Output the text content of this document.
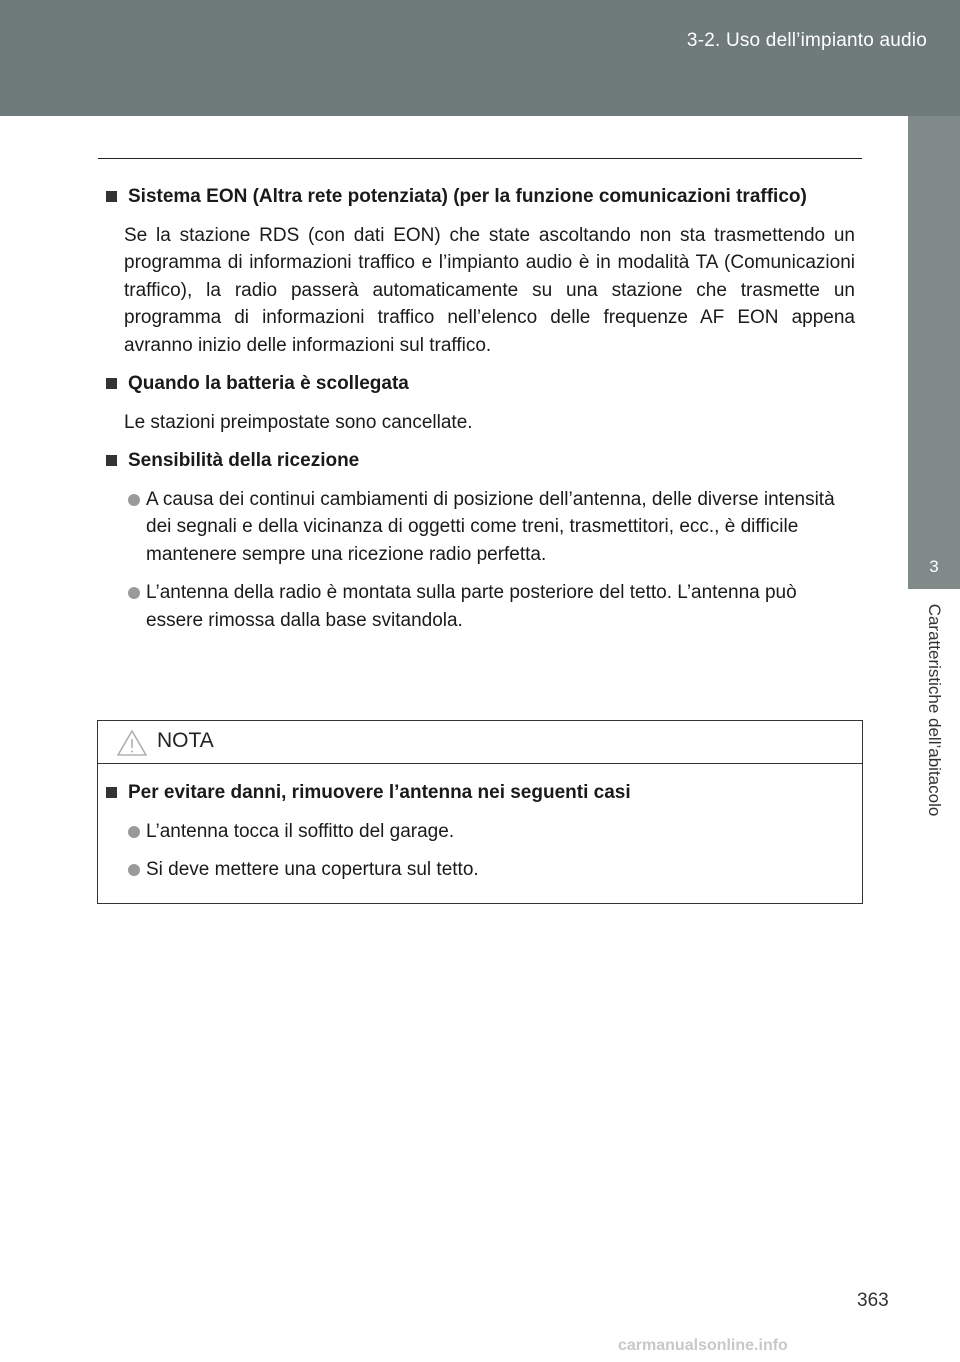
3-2. Uso dell’impianto audio
3
Caratteristiche dell’abitacolo
Sistema EON (Altra rete potenziata) (per la funzione comunicazioni traffico)
Se la stazione RDS (con dati EON) che state ascoltando non sta trasmettendo un programma di informazioni traffico e l’impianto audio è in modalità TA (Comunicazioni traffico), la radio passerà automaticamente su una stazione che trasmette un programma di informazioni traffico nell’elenco delle frequenze AF EON appena avranno inizio delle informazioni sul traffico.
Quando la batteria è scollegata
Le stazioni preimpostate sono cancellate.
Sensibilità della ricezione
A causa dei continui cambiamenti di posizione dell’antenna, delle diverse intensità dei segnali e della vicinanza di oggetti come treni, trasmettitori, ecc., è difficile mantenere sempre una ricezione radio perfetta.
L’antenna della radio è montata sulla parte posteriore del tetto. L’antenna può essere rimossa dalla base svitandola.
NOTA
Per evitare danni, rimuovere l’antenna nei seguenti casi
L’antenna tocca il soffitto del garage.
Si deve mettere una copertura sul tetto.
363
carmanualsonline.info
